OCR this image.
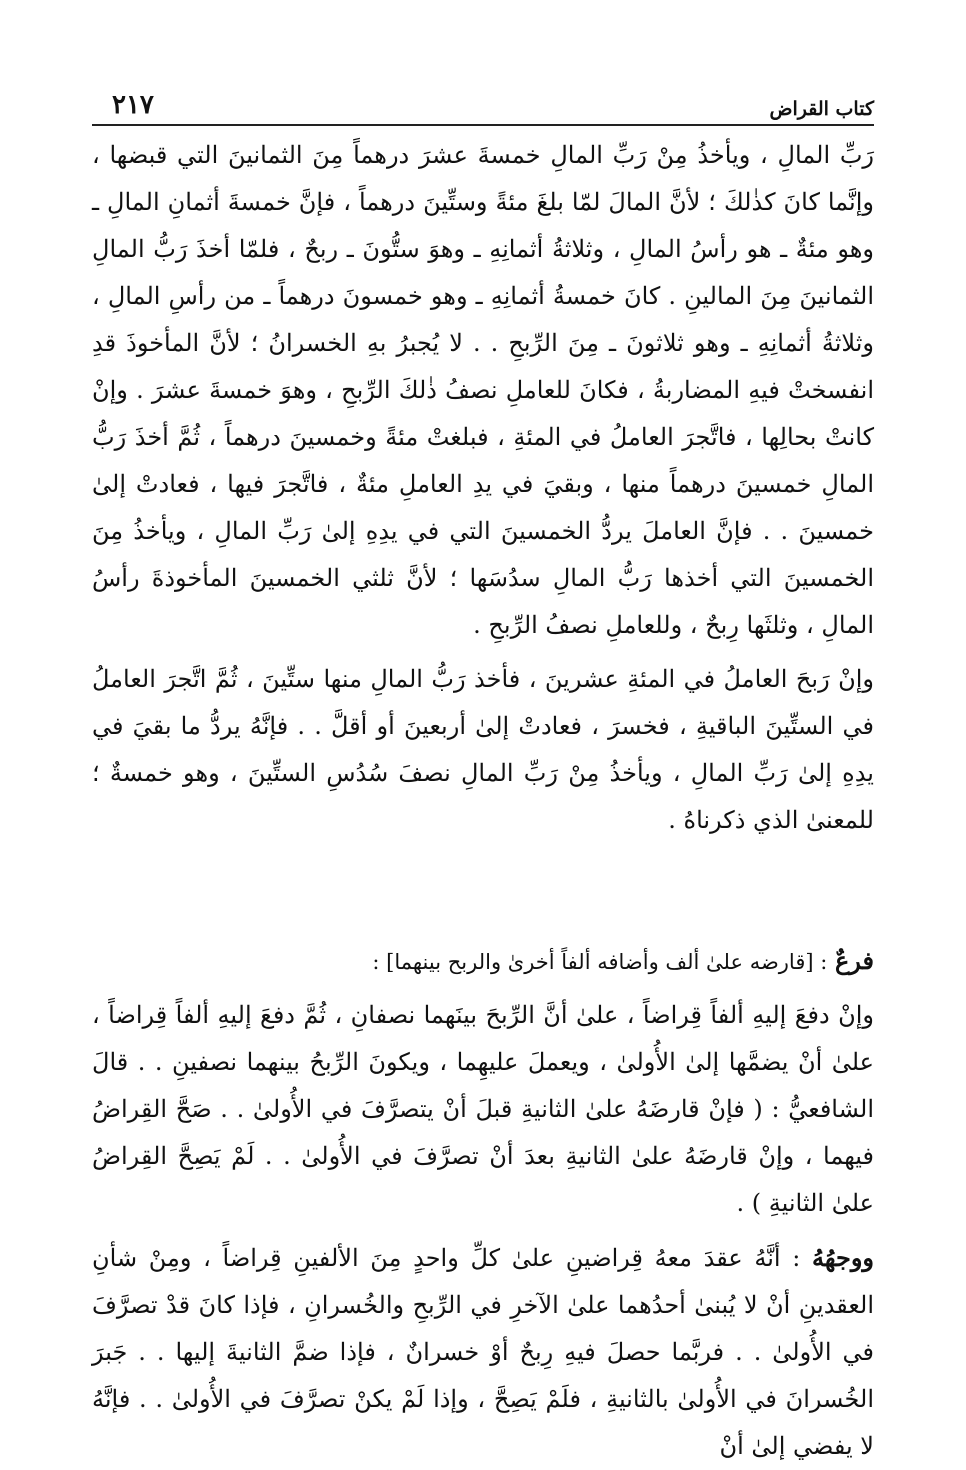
كتاب القراض
٢١٧

رَبِّ المالِ ، ويأخذُ مِنْ رَبِّ المالِ خمسةَ عشرَ درهماً مِنَ الثمانينَ التي قبضها ، وإنَّما كانَ كذٰلكَ ؛ لأنَّ المالَ لمّا بلغَ مئةً وستِّينَ درهماً ، فإنَّ خمسةَ أثمانِ المالِ ـ وهو مئةٌ ـ هو رأسُ المالِ ، وثلاثةُ أثمانِهِ ـ وهوَ ستُّونَ ـ ربحٌ ، فلمّا أخذَ رَبُّ المالِ الثمانينَ مِنَ المالينِ . كانَ خمسةُ أثمانِهِ ـ وهو خمسونَ درهماً ـ من رأسِ المالِ ، وثلاثةُ أثمانِهِ ـ وهو ثلاثونَ ـ مِنَ الرِّبحِ . . لا يُجبرُ بهِ الخسرانُ ؛ لأنَّ المأخوذَ قدِ انفسختْ فيهِ المضاربةُ ، فكانَ للعاملِ نصفُ ذٰلكَ الرِّبحِ ، وهوَ خمسةَ عشرَ . وإنْ كانتْ بحالِها ، فاتَّجرَ العاملُ في المئةِ ، فبلغتْ مئةً وخمسينَ درهماً ، ثُمَّ أخذَ رَبُّ المالِ خمسينَ درهماً منها ، وبقيَ في يدِ العاملِ مئةٌ ، فاتَّجرَ فيها ، فعادتْ إلىٰ خمسينَ . . فإنَّ العاملَ يردُّ الخمسينَ التي في يدِهِ إلىٰ رَبِّ المالِ ، ويأخذُ مِنَ الخمسينَ التي أخذها رَبُّ المالِ سدُسَها ؛ لأنَّ ثلثي الخمسينَ المأخوذةَ رأسُ المالِ ، وثلثَها رِبحٌ ، وللعاملِ نصفُ الرِّبحِ .

وإنْ رَبحَ العاملُ في المئةِ عشرينَ ، فأخذ رَبُّ المالِ منها ستِّينَ ، ثُمَّ اتَّجرَ العاملُ في الستِّينَ الباقيةِ ، فخسرَ ، فعادتْ إلىٰ أربعينَ أو أقلَّ . . فإنَّهُ يردُّ ما بقيَ في يدِهِ إلىٰ رَبِّ المالِ ، ويأخذُ مِنْ رَبِّ المالِ نصفَ سُدُسِ الستِّينَ ، وهو خمسةٌ ؛ للمعنىٰ الذي ذكرناهُ .

فرعٌ : [قارضه علىٰ ألف وأضافه ألفاً أخرىٰ والربح بينهما] :

وإنْ دفعَ إليهِ ألفاً قِراضاً ، علىٰ أنَّ الرِّبحَ بينَهما نصفانِ ، ثُمَّ دفعَ إليهِ ألفاً قِراضاً ، علىٰ أنْ يضمَّها إلىٰ الأُولىٰ ، ويعملَ عليهِما ، ويكونَ الرِّبحُ بينهما نصفينِ . . قالَ الشافعيُّ : ( فإنْ قارضَهُ علىٰ الثانيةِ قبلَ أنْ يتصرَّفَ في الأُولىٰ . . صَحَّ القِراضُ فيهما ، وإنْ قارضَهُ علىٰ الثانيةِ بعدَ أنْ تصرَّفَ في الأُولىٰ . . لَمْ يَصِحَّ القِراضُ علىٰ الثانيةِ ) .

ووجهُهُ : أنَّهُ عقدَ معهُ قِراضينِ علىٰ كلِّ واحدٍ مِنَ الألفينِ قِراضاً ، ومِنْ شأنِ العقدينِ أنْ لا يُبنىٰ أحدُهما علىٰ الآخرِ في الرِّبحِ والخُسرانِ ، فإذا كانَ قدْ تصرَّفَ في الأُولىٰ . . فربَّما حصلَ فيهِ رِبحٌ أوْ خسرانٌ ، فإذا ضمَّ الثانيةَ إليها . . جَبرَ الخُسرانَ في الأُولىٰ بالثانيةِ ، فلَمْ يَصِحَّ ، وإذا لَمْ يكنْ تصرَّفَ في الأُولىٰ . . فإنَّهُ لا يفضي إلىٰ أنْ
